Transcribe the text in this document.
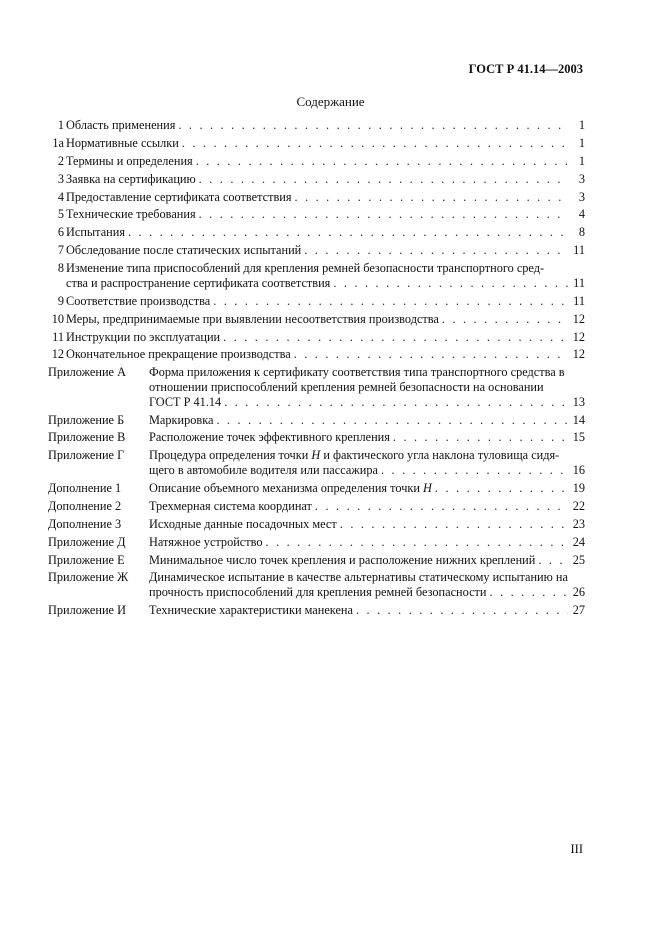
ГОСТ Р 41.14—2003
Содержание
1 Область применения . . .	1
1а Нормативные ссылки . . .	1
2 Термины и определения . . .	1
3 Заявка на сертификацию . . .	3
4 Предоставление сертификата соответствия . . .	3
5 Технические требования . . .	4
6 Испытания . . .	8
7 Обследование после статических испытаний . . .	11
8 Изменение типа приспособлений для крепления ремней безопасности транспортного сред-
ства и распространение сертификата соответствия . . .	11
9 Соответствие производства . . .	11
10 Меры, предпринимаемые при выявлении несоответствия производства . . .	12
11 Инструкции по эксплуатации . . .	12
12 Окончательное прекращение производства . . .	12
Приложение А Форма приложения к сертификату соответствия типа транспортного средства в
отношении приспособлений крепления ремней безопасности на основании
ГОСТ Р 41.14 . . .	13
Приложение Б Маркировка . . .	14
Приложение В Расположение точек эффективного крепления . . .	15
Приложение Г Процедура определения точки H и фактического угла наклона туловища сидя-
щего в автомобиле водителя или пассажира . . .	16
Дополнение 1 Описание объемного механизма определения точки H . . .	19
Дополнение 2 Трехмерная система координат . . .	22
Дополнение 3 Исходные данные посадочных мест . . .	23
Приложение Д Натяжное устройство . . .	24
Приложение Е Минимальное число точек крепления и расположение нижних креплений . . .	25
Приложение Ж Динамическое испытание в качестве альтернативы статическому испытанию на
прочность приспособлений для крепления ремней безопасности . . .	26
Приложение И Технические характеристики манекена . . .	27
III
